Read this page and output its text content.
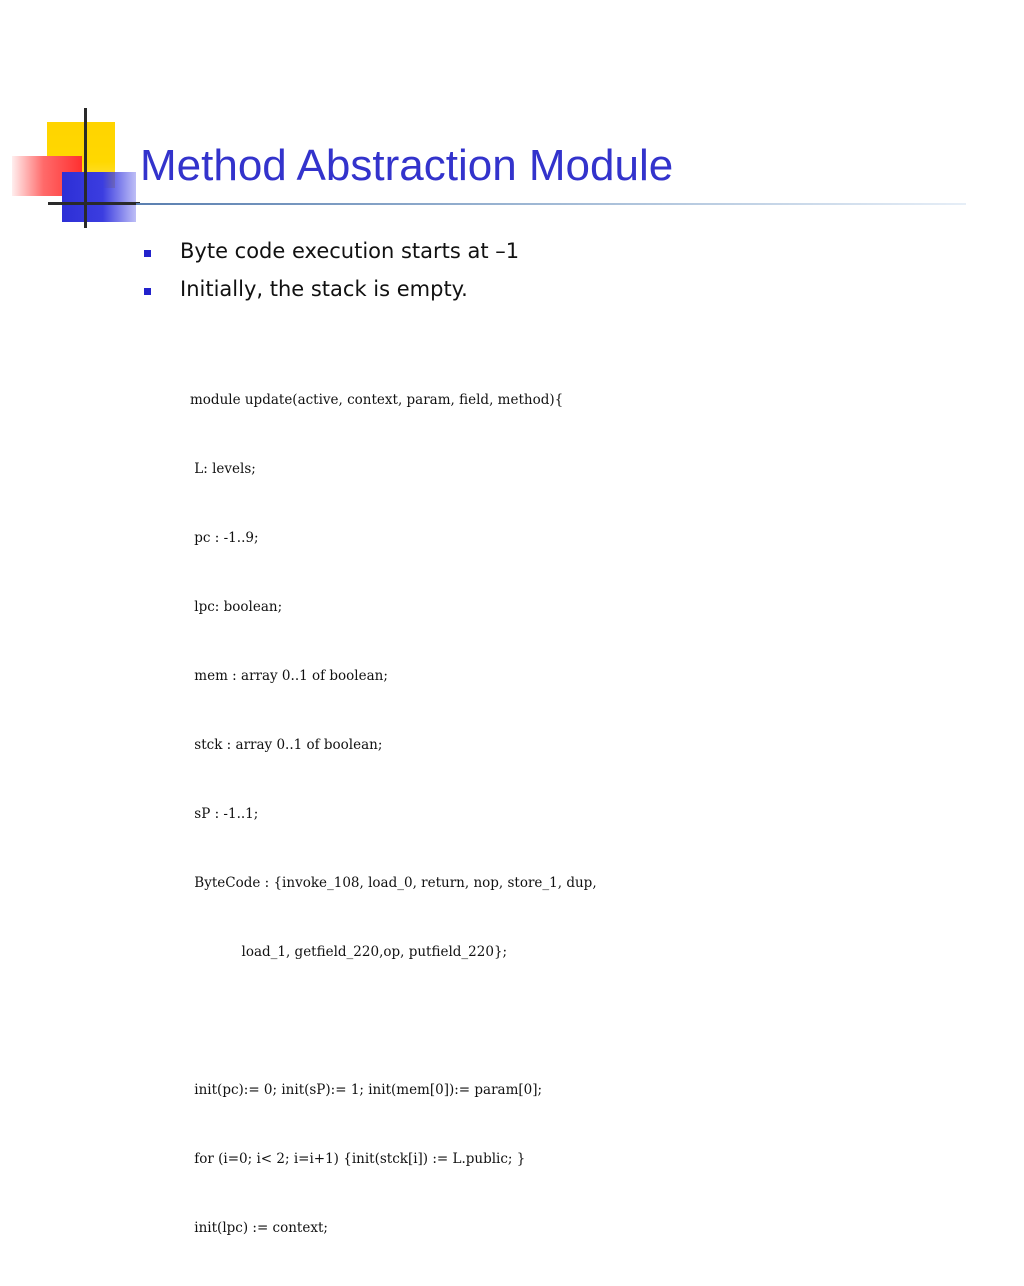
Method Abstraction Module
Byte code execution starts at –1
Initially, the stack is empty.

module update(active, context, param, field, method){

L: levels;

pc : -1..9;

lpc: boolean;

mem : array 0..1 of boolean;

stck : array 0..1 of boolean;

sP : -1..1;

ByteCode : {invoke_108, load_0, return, nop, store_1, dup,

load_1, getfield_220,op, putfield_220};

init(pc):= 0; init(sP):= 1; init(mem[0]):= param[0];

for (i=0; i< 2; i=i+1) {init(stck[i]) := L.public; }

init(lpc) := context;
